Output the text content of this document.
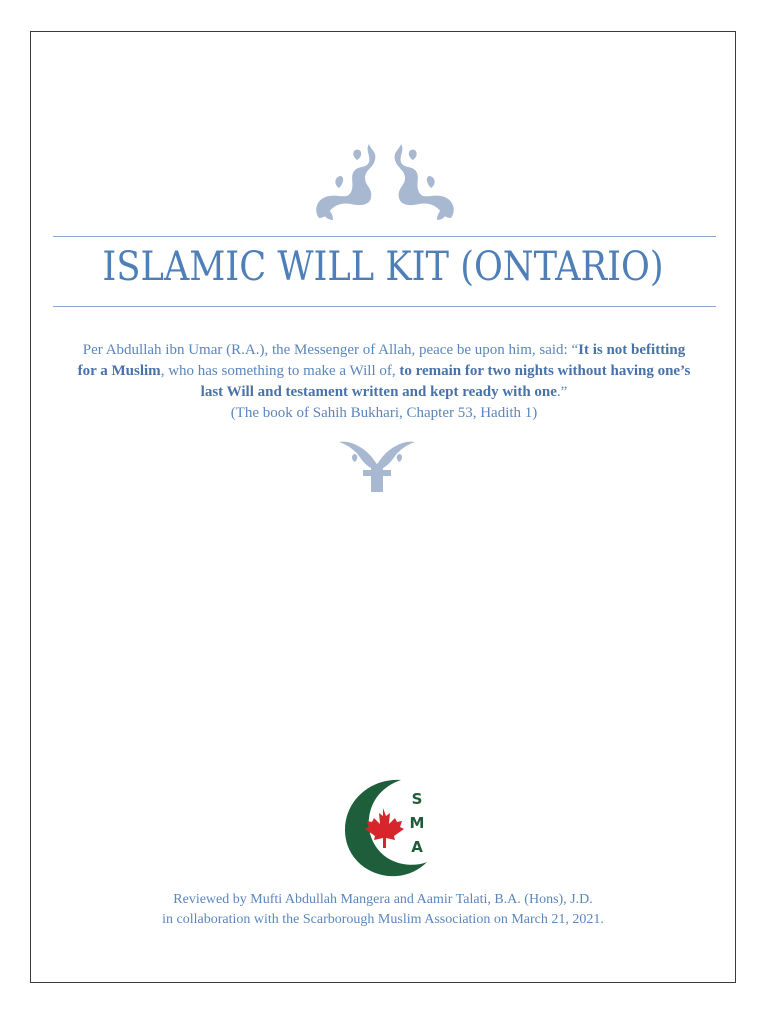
ISLAMIC WILL KIT (ONTARIO)
Per Abdullah ibn Umar (R.A.), the Messenger of Allah, peace be upon him, said: “It is not befitting for a Muslim, who has something to make a Will of, to remain for two nights without having one’s last Will and testament written and kept ready with one.”
(The book of Sahih Bukhari, Chapter 53, Hadith 1)
S
M
A
Reviewed by Mufti Abdullah Mangera and Aamir Talati, B.A. (Hons), J.D.
in collaboration with the Scarborough Muslim Association on March 21, 2021.
